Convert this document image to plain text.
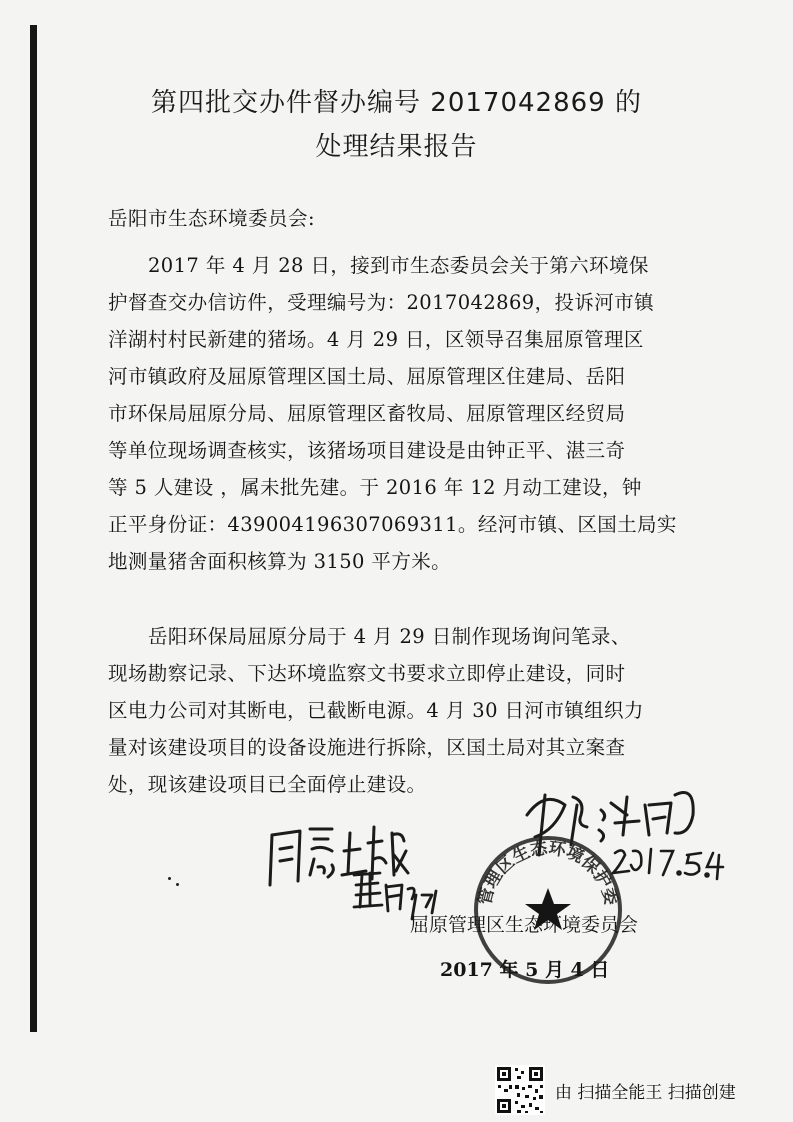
第四批交办件督办编号 2017042869 的
处理结果报告
岳阳市生态环境委员会:
2017 年 4 月 28 日，接到市生态委员会关于第六环境保
护督查交办信访件，受理编号为：2017042869，投诉河市镇
洋湖村村民新建的猪场。4 月 29 日，区领导召集屈原管理区
河市镇政府及屈原管理区国土局、屈原管理区住建局、岳阳
市环保局屈原分局、屈原管理区畜牧局、屈原管理区经贸局
等单位现场调查核实，该猪场项目建设是由钟正平、湛三奇
等 5 人建设 ，属未批先建。于 2016 年 12 月动工建设，钟
正平身份证：439004196307069311。经河市镇、区国土局实
地测量猪舍面积核算为 3150 平方米。
岳阳环保局屈原分局于 4 月 29 日制作现场询问笔录、
现场勘察记录、下达环境监察文书要求立即停止建设，同时
区电力公司对其断电，已截断电源。4 月 30 日河市镇组织力
量对该建设项目的设备设施进行拆除，区国土局对其立案查
处，现该建设项目已全面停止建设。
管理区生态环境保护委
屈原管理区生态环境委员会
2017 年 5 月 4 日
由 扫描全能王 扫描创建
